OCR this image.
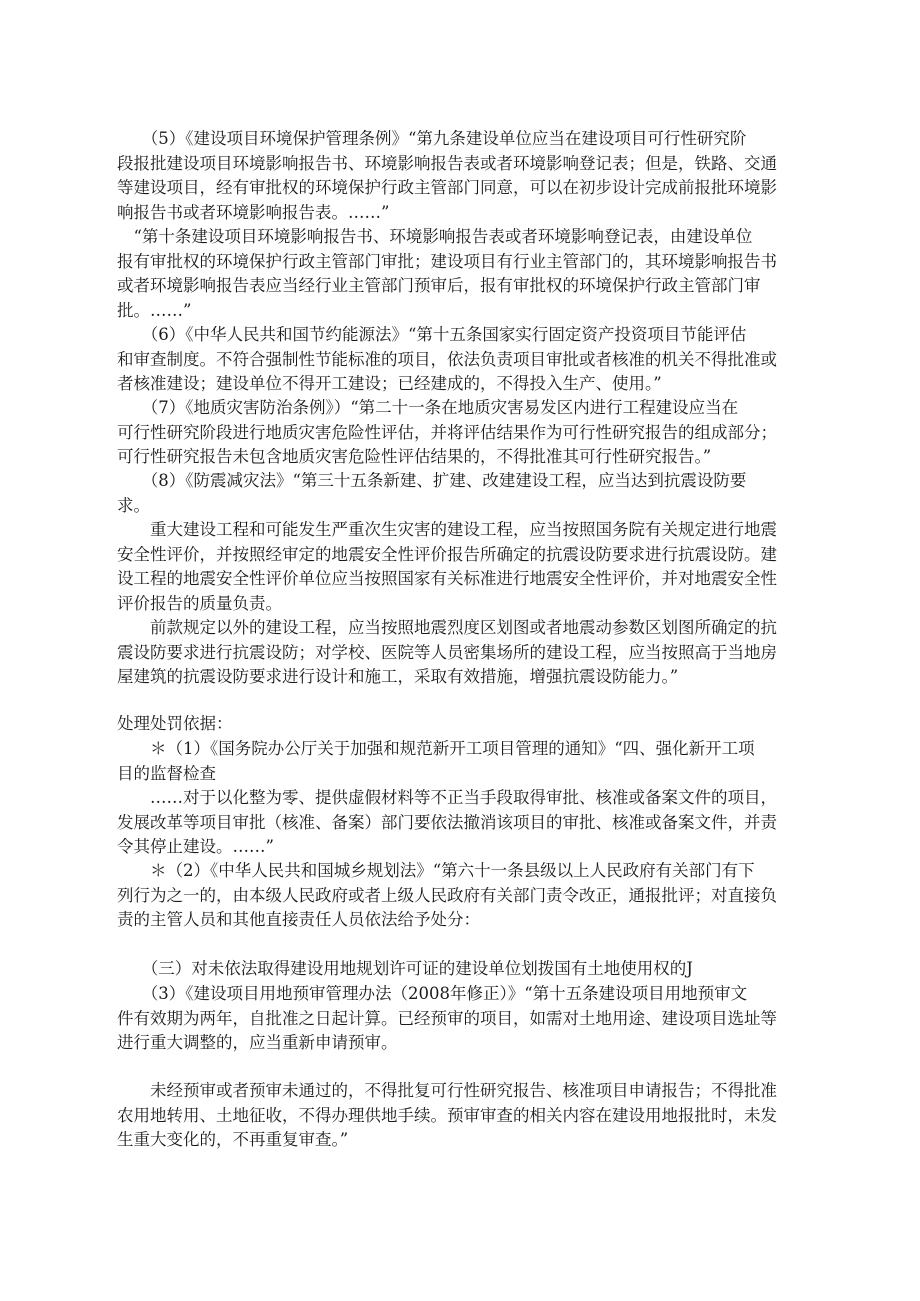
　　（5）《建设项目环境保护管理条例》“第九条建设单位应当在建设项目可行性研究阶
段报批建设项目环境影响报告书、环境影响报告表或者环境影响登记表；但是，铁路、交通
等建设项目，经有审批权的环境保护行政主管部门同意，可以在初步设计完成前报批环境影
响报告书或者环境影响报告表。……”
　“第十条建设项目环境影响报告书、环境影响报告表或者环境影响登记表，由建设单位
报有审批权的环境保护行政主管部门审批；建设项目有行业主管部门的，其环境影响报告书
或者环境影响报告表应当经行业主管部门预审后，报有审批权的环境保护行政主管部门审
批。……”
　　（6）《中华人民共和国节约能源法》“第十五条国家实行固定资产投资项目节能评估
和审查制度。不符合强制性节能标准的项目，依法负责项目审批或者核准的机关不得批准或
者核准建设；建设单位不得开工建设；已经建成的，不得投入生产、使用。”
　　（7）《地质灾害防治条例》）“第二十一条在地质灾害易发区内进行工程建设应当在
可行性研究阶段进行地质灾害危险性评估，并将评估结果作为可行性研究报告的组成部分；
可行性研究报告未包含地质灾害危险性评估结果的，不得批准其可行性研究报告。”
　　（8）《防震减灾法》“第三十五条新建、扩建、改建建设工程，应当达到抗震设防要
求。
　　重大建设工程和可能发生严重次生灾害的建设工程，应当按照国务院有关规定进行地震
安全性评价，并按照经审定的地震安全性评价报告所确定的抗震设防要求进行抗震设防。建
设工程的地震安全性评价单位应当按照国家有关标准进行地震安全性评价，并对地震安全性
评价报告的质量负责。
　　前款规定以外的建设工程，应当按照地震烈度区划图或者地震动参数区划图所确定的抗
震设防要求进行抗震设防；对学校、医院等人员密集场所的建设工程，应当按照高于当地房
屋建筑的抗震设防要求进行设计和施工，采取有效措施，增强抗震设防能力。”
处理处罚依据：
　　＊（1）《国务院办公厅关于加强和规范新开工项目管理的通知》“四、强化新开工项
目的监督检查
　　……对于以化整为零、提供虚假材料等不正当手段取得审批、核准或备案文件的项目，
发展改革等项目审批（核准、备案）部门要依法撤消该项目的审批、核准或备案文件，并责
令其停止建设。……”
　　＊（2）《中华人民共和国城乡规划法》“第六十一条县级以上人民政府有关部门有下
列行为之一的，由本级人民政府或者上级人民政府有关部门责令改正，通报批评；对直接负
责的主管人员和其他直接责任人员依法给予处分：
　　（三）对未依法取得建设用地规划许可证的建设单位划拨国有土地使用权的J
　　（3）《建设项目用地预审管理办法（2008年修正）》“第十五条建设项目用地预审文
件有效期为两年，自批准之日起计算。已经预审的项目，如需对土地用途、建设项目选址等
进行重大调整的，应当重新申请预审。
　　未经预审或者预审未通过的，不得批复可行性研究报告、核准项目申请报告；不得批准
农用地转用、土地征收，不得办理供地手续。预审审查的相关内容在建设用地报批时，未发
生重大变化的，不再重复审查。”
